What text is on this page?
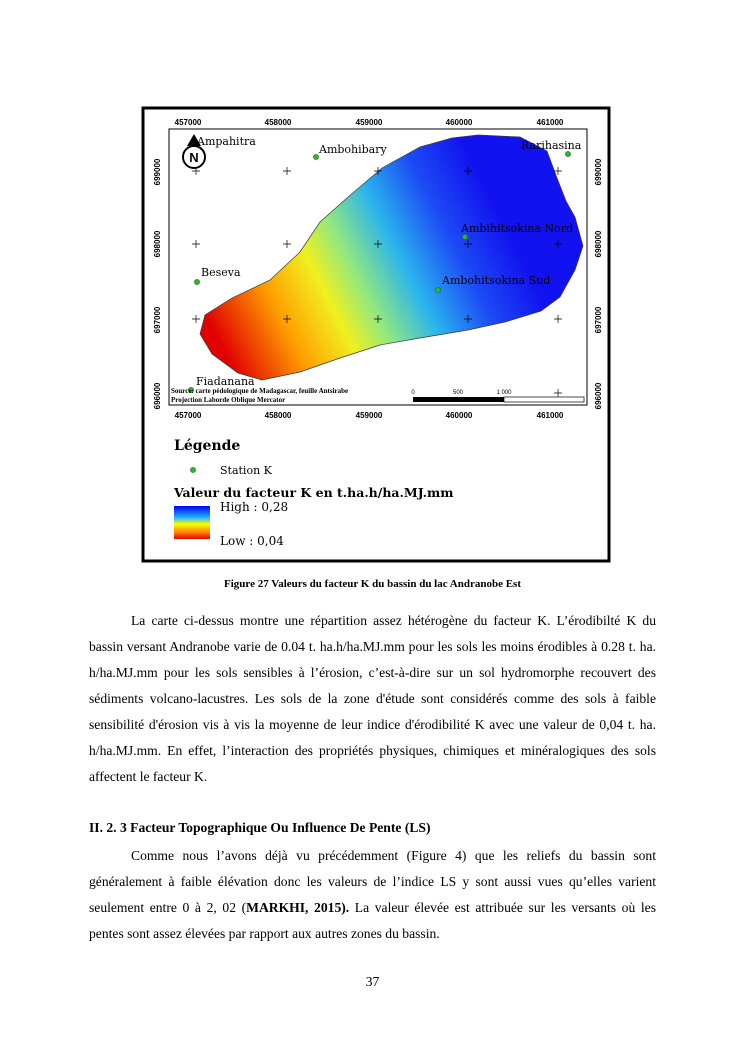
457000	458000	459000	460000	461000
457000	458000	459000	460000	461000
699000
698000
697000
696000
699000
698000
697000
696000
N
Ampahitra
Ambohibary	Rarihasina
Ambihitsokina Nord
Beseva
Ambohitsokina Sud
Fiadanana
Source: carte pédologique de Madagascar, feuille Antsirabe
Projection Laborde Oblique Mercator
0	500	1 000
Légende
Station K
Valeur du facteur K en t.ha.h/ha.MJ.mm
High : 0,28
Low : 0,04
Figure 27 Valeurs du facteur K du bassin du lac Andranobe Est

La carte ci-dessus montre une répartition assez hétérogène du facteur K. L’érodibilté K du bassin versant Andranobe varie de 0.04 t. ha.h/ha.MJ.mm pour les sols les moins érodibles à 0.28 t. ha. h/ha.MJ.mm pour les sols sensibles à l’érosion, c’est-à-dire sur un sol hydromorphe recouvert des sédiments volcano-lacustres. Les sols de la zone d'étude sont considérés comme des sols à faible sensibilité d'érosion vis à vis la moyenne de leur indice d'érodibilité K avec une valeur de 0,04 t. ha. h/ha.MJ.mm. En effet, l’interaction des propriétés physiques, chimiques et minéralogiques des sols affectent le facteur K.

II. 2. 3 Facteur Topographique Ou Influence De Pente (LS)

Comme nous l’avons déjà vu précédemment (Figure 4) que les reliefs du bassin sont généralement à faible élévation donc les valeurs de l’indice LS y sont aussi vues qu’elles varient seulement entre 0 à 2, 02 (MARKHI, 2015). La valeur élevée est attribuée sur les versants où les pentes sont assez élevées par rapport aux autres zones du bassin.

37
